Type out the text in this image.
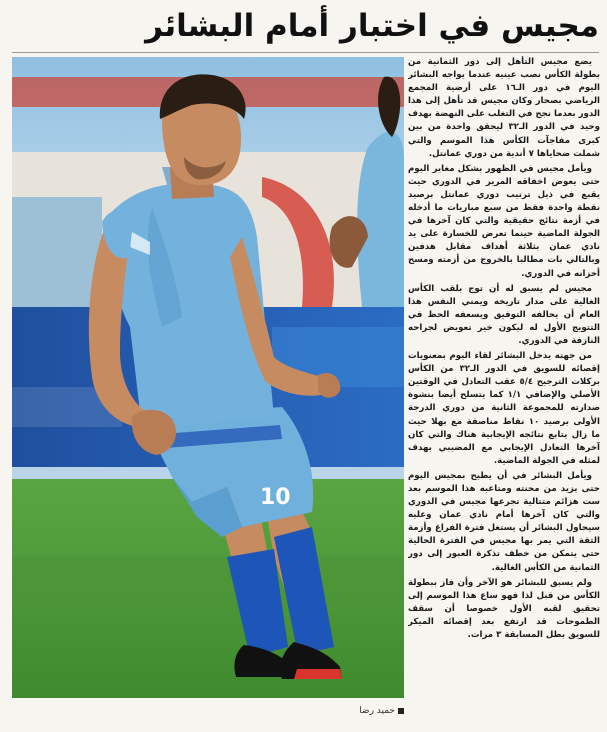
مجيس في اختبار أمام البشائر
10
حميد رضا

يضع مجيس التأهل إلى دور الثمانية من بطولة الكأس نصب عينيه عندما يواجه البشائر اليوم في دور الـ١٦ على أرضية المجمع الرياضي بصحار وكان مجيس قد تأهل إلى هذا الدور بعدما نجح في التغلب على النهضة بهدف وحيد في الدور الـ٣٢ ليحقق واحدة من بين كبرى مفاجآت الكأس هذا الموسم والتي شملت ضحاياها ٧ أندية من دوري عمانتل.

ويأمل مجيس في الظهور بشكل مغاير اليوم حتى يعوض اخفاقه المرير في الدوري حيث يقبع في ذيل ترتيب دوري عمانتل برصيد نقطة واحدة فقط من سبع مباريات ما أدخله في أزمة نتائج حقيقية والتي كان آخرها في الجولة الماضية حينما تعرض للخسارة على يد نادي عمان بثلاثة أهداف مقابل هدفين وبالتالي بات مطالبا بالخروج من أزمته ومسح أحزانه في الدوري.

مجيس لم يسبق له أن توج بلقب الكأس الغالية على مدار تاريخه ويمني النفس هذا العام أن يحالفه التوفيق ويسعفه الحظ في التتويج الأول له ليكون خير تعويض لجراحه النازفة في الدوري.

من جهته يدخل البشائر لقاء اليوم بمعنويات إقصائه للسويق في الدور الـ٣٢ من الكأس بركلات الترجيح ٥/٤ عقب التعادل في الوقتين الأصلي والإضافي ١/١ كما يتسلح أيضا بنشوة صدارته للمجموعة الثانية من دوري الدرجة الأولى برصيد ١٠ نقاط مناصفة مع بهلا حيث ما زال يتابع نتائجه الإيجابية هناك والتي كان آخرها التعادل الإيجابي مع المضيبي بهدف لمثله في الجولة الماضية.

ويأمل البشائر في أن يطيح بمجيس اليوم حتى يزيد من محنته ومتاعبه هذا الموسم بعد ست هزائم متتالية تجرعها مجيس في الدوري والتي كان آخرها أمام نادي عمان وعليه سيحاول البشائر أن يستغل فترة الفراغ وأزمة الثقة التي يمر بها مجيس في الفترة الحالية حتى يتمكن من خطف تذكرة العبور إلى دور الثمانية من الكأس الغالية.

ولم يسبق للبشائر هو الآخر وأن فاز ببطولة الكأس من قبل لذا فهو ساع هذا الموسم إلى تحقيق لقبه الأول خصوصا أن سقف الطموحات قد ارتفع بعد إقصائه الميكر للسويق بطل المسابقة ٣ مرات.
